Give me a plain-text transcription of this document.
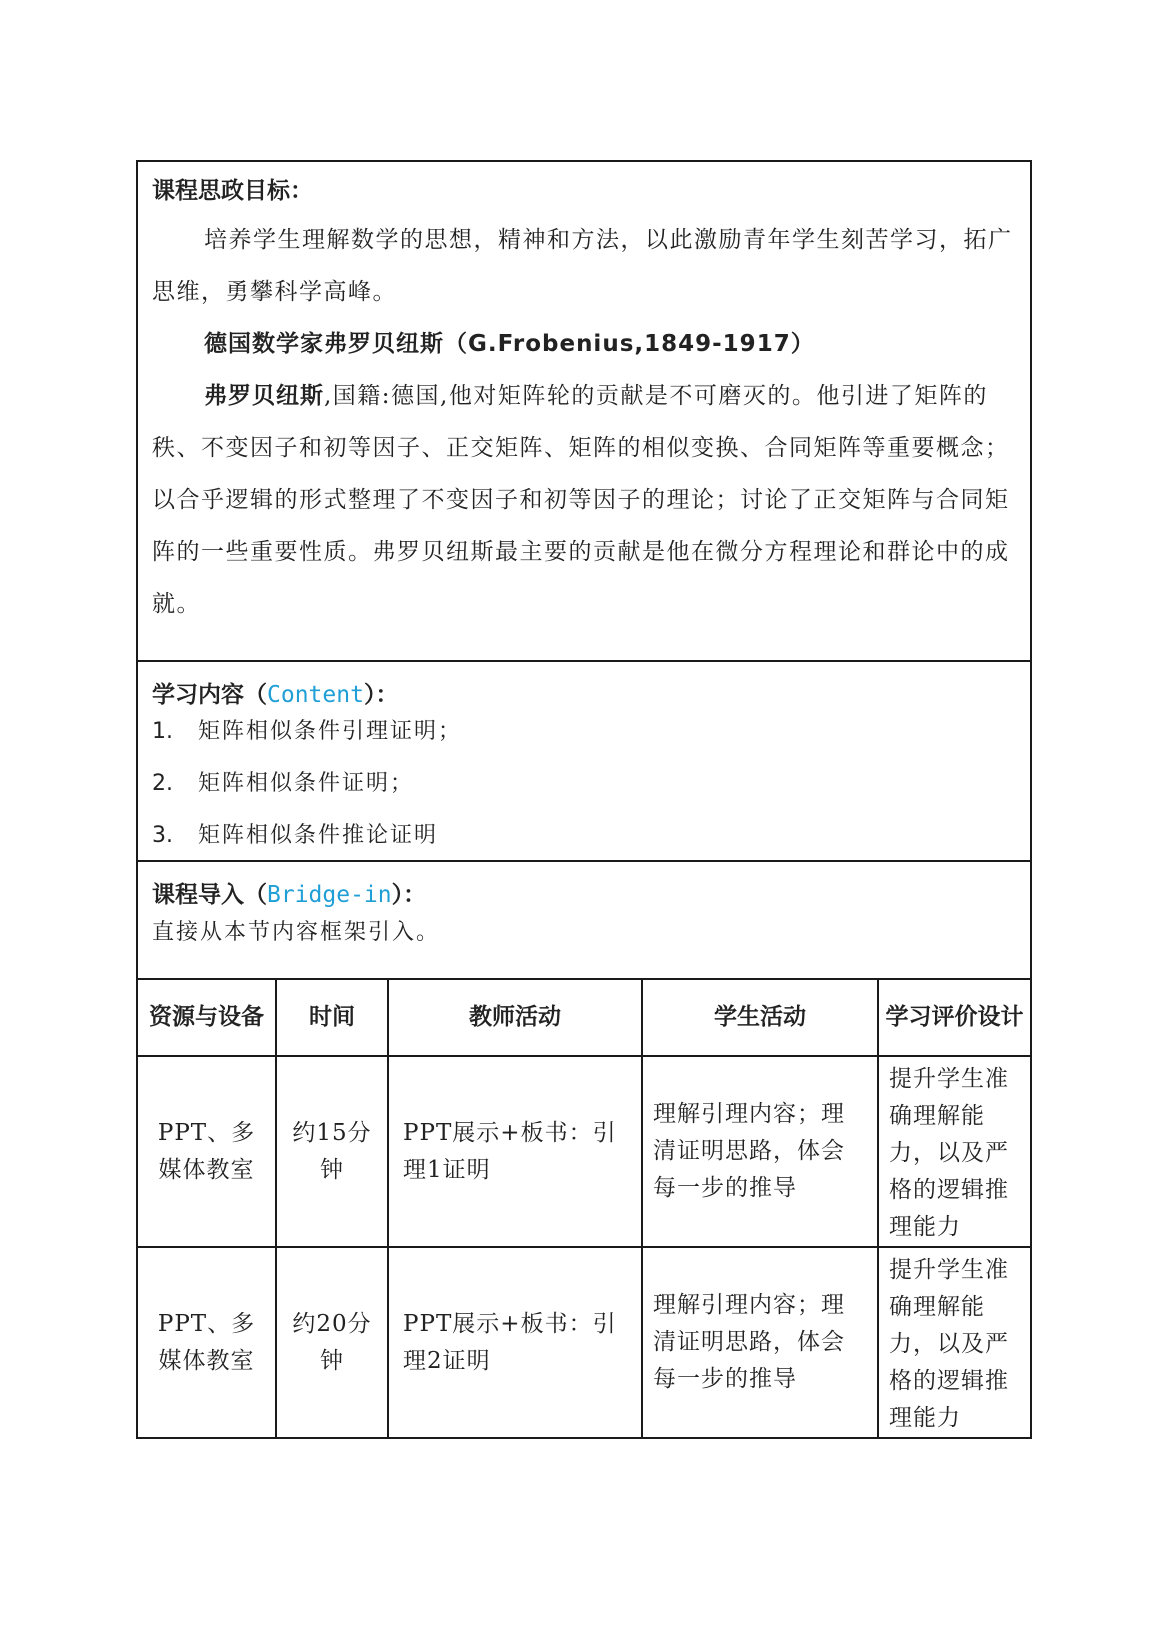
课程思政目标：

培养学生理解数学的思想，精神和方法，以此激励青年学生刻苦学习，拓广思维，勇攀科学高峰。

德国数学家弗罗贝纽斯（G.Frobenius,1849-1917）

弗罗贝纽斯,国籍:德国,他对矩阵轮的贡献是不可磨灭的。他引进了矩阵的秩、不变因子和初等因子、正交矩阵、矩阵的相似变换、合同矩阵等重要概念；以合乎逻辑的形式整理了不变因子和初等因子的理论；讨论了正交矩阵与合同矩阵的一些重要性质。弗罗贝纽斯最主要的贡献是他在微分方程理论和群论中的成就。

学习内容（Content）：
1. 矩阵相似条件引理证明；
2. 矩阵相似条件证明；
3. 矩阵相似条件推论证明
课程导入（Bridge-in）：
直接从本节内容框架引入。
资源与设备	时间	教师活动	学生活动	学习评价设计
PPT、多媒体教室	约15分钟	PPT展示+板书：引理1证明	理解引理内容；理清证明思路，体会每一步的推导	提升学生准确理解能力，以及严格的逻辑推理能力
PPT、多媒体教室	约20分钟	PPT展示+板书：引理2证明	理解引理内容；理清证明思路，体会每一步的推导	提升学生准确理解能力，以及严格的逻辑推理能力
